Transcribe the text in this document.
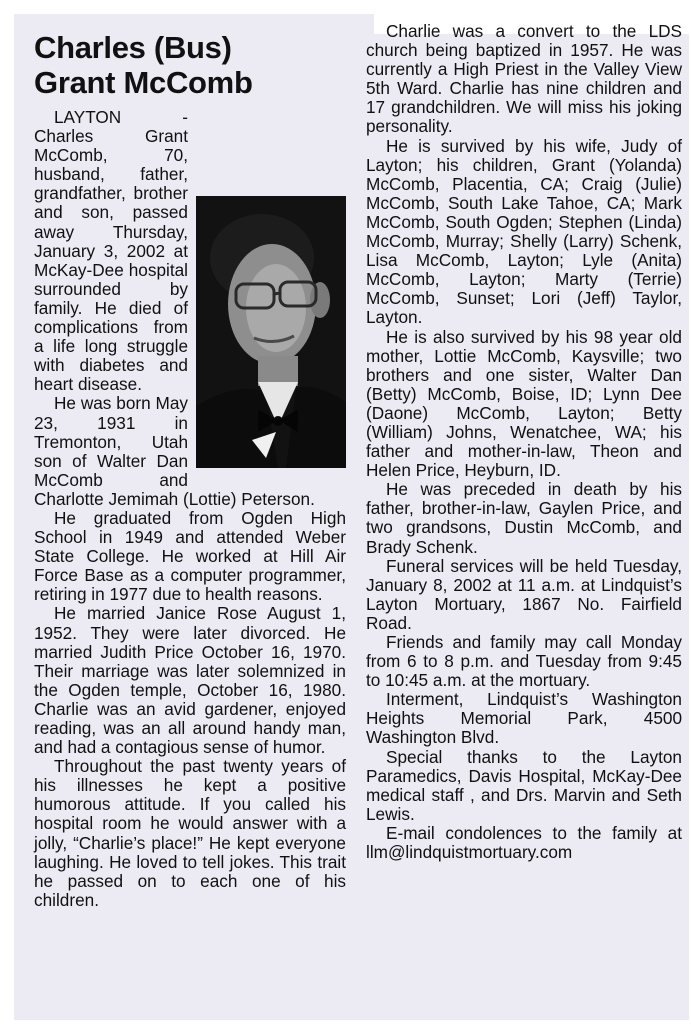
Charles (Bus)
Grant McComb

LAYTON - Charles Grant McComb, 70, husband, father, grandfather, brother and son, passed away Thursday, January 3, 2002 at McKay-Dee hospital surrounded by family. He died of complications from a life long struggle with diabetes and heart disease.

He was born May 23, 1931 in Tremonton, Utah son of Walter Dan McComb and Charlotte Jemimah (Lottie) Peterson.

He graduated from Ogden High School in 1949 and attended Weber State College. He worked at Hill Air Force Base as a computer programmer, retiring in 1977 due to health reasons.

He married Janice Rose August 1, 1952. They were later divorced. He married Judith Price October 16, 1970. Their marriage was later solemnized in the Ogden temple, October 16, 1980. Charlie was an avid gardener, enjoyed reading, was an all around handy man, and had a contagious sense of humor.

Throughout the past twenty years of his illnesses he kept a positive humorous attitude. If you called his hospital room he would answer with a jolly, “Charlie’s place!” He kept everyone laughing. He loved to tell jokes. This trait he passed on to each one of his children.

Charlie was a convert to the LDS church being baptized in 1957. He was currently a High Priest in the Valley View 5th Ward. Charlie has nine children and 17 grandchildren. We will miss his joking personality.

He is survived by his wife, Judy of Layton; his children, Grant (Yolanda) McComb, Placentia, CA; Craig (Julie) McComb, South Lake Tahoe, CA; Mark McComb, South Ogden; Stephen (Linda) McComb, Murray; Shelly (Larry) Schenk, Lisa McComb, Layton; Lyle (Anita) McComb, Layton; Marty (Terrie) McComb, Sunset; Lori (Jeff) Taylor, Layton.

He is also survived by his 98 year old mother, Lottie McComb, Kaysville; two brothers and one sister, Walter Dan (Betty) McComb, Boise, ID; Lynn Dee (Daone) McComb, Layton; Betty (William) Johns, Wenatchee, WA; his father and mother-in-law, Theon and Helen Price, Heyburn, ID.

He was preceded in death by his father, brother-in-law, Gaylen Price, and two grandsons, Dustin McComb, and Brady Schenk.

Funeral services will be held Tuesday, January 8, 2002 at 11 a.m. at Lindquist’s Layton Mortuary, 1867 No. Fairfield Road.

Friends and family may call Monday from 6 to 8 p.m. and Tuesday from 9:45 to 10:45 a.m. at the mortuary.

Interment, Lindquist’s Washington Heights Memorial Park, 4500 Washington Blvd.

Special thanks to the Layton Paramedics, Davis Hospital, McKay-Dee medical staff , and Drs. Marvin and Seth Lewis.

E-mail condolences to the family at llm@lindquistmortuary.com
